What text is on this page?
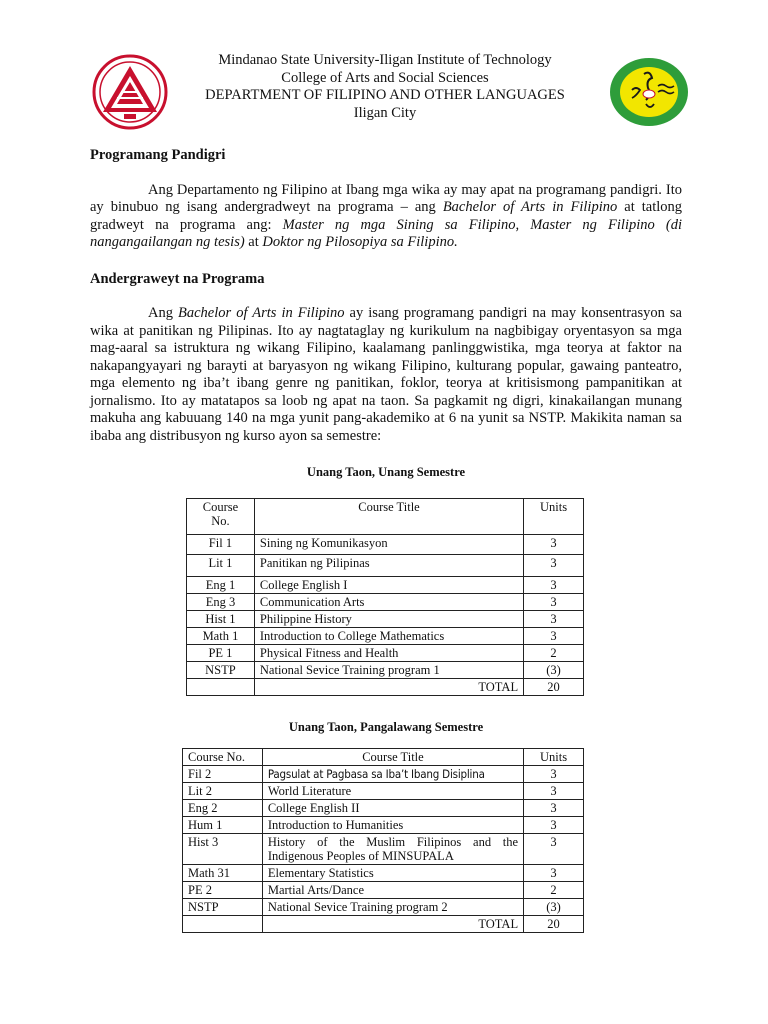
Mindanao State University-Iligan Institute of Technology
College of Arts and Social Sciences
DEPARTMENT OF FILIPINO AND OTHER LANGUAGES
Iligan City
Programang Pandigri

Ang Departamento ng Filipino at Ibang mga wika ay may apat na programang pandigri. Ito ay binubuo ng isang andergradweyt na programa – ang Bachelor of Arts in Filipino at tatlong gradweyt na programa ang: Master ng mga Sining sa Filipino, Master ng Filipino (di nangangailangan ng tesis) at Doktor ng Pilosopiya sa Filipino.

Andergraweyt na Programa

Ang Bachelor of Arts in Filipino ay isang programang pandigri na may konsentrasyon sa wika at panitikan ng Pilipinas. Ito ay nagtataglay ng kurikulum na nagbibigay oryentasyon sa mga mag-aaral sa istruktura ng wikang Filipino, kaalamang panlinggwistika, mga teorya at faktor na nakapangyayari ng barayti at baryasyon ng wikang Filipino, kulturang popular, gawaing panteatro, mga elemento ng iba’t ibang genre ng panitikan, foklor, teorya at kritisismong pampanitikan at jornalismo. Ito ay matatapos sa loob ng apat na taon. Sa pagkamit ng digri, kinakailangan munang makuha ang kabuuang 140 na mga yunit pang-akademiko at 6 na yunit sa NSTP. Makikita naman sa ibaba ang distribusyon ng kurso ayon sa semestre:

Unang Taon, Unang Semestre

Course No.	Course Title	Units
Fil 1	Sining ng Komunikasyon	3
Lit 1	Panitikan ng Pilipinas	3
Eng 1	College English I	3
Eng 3	Communication Arts	3
Hist 1	Philippine History	3
Math 1	Introduction to College Mathematics	3
PE 1	Physical Fitness and Health	2
NSTP	National Sevice Training program 1	(3)
	TOTAL	20

Unang Taon, Pangalawang Semestre

Course No.	Course Title	Units
Fil 2	Pagsulat at Pagbasa sa Iba’t Ibang Disiplina	3
Lit 2	World Literature	3
Eng 2	College English II	3
Hum 1	Introduction to Humanities	3
Hist 3	History of the Muslim Filipinos and the Indigenous Peoples of MINSUPALA	3
Math 31	Elementary Statistics	3
PE 2	Martial Arts/Dance	2
NSTP	National Sevice Training program 2	(3)
	TOTAL	20
